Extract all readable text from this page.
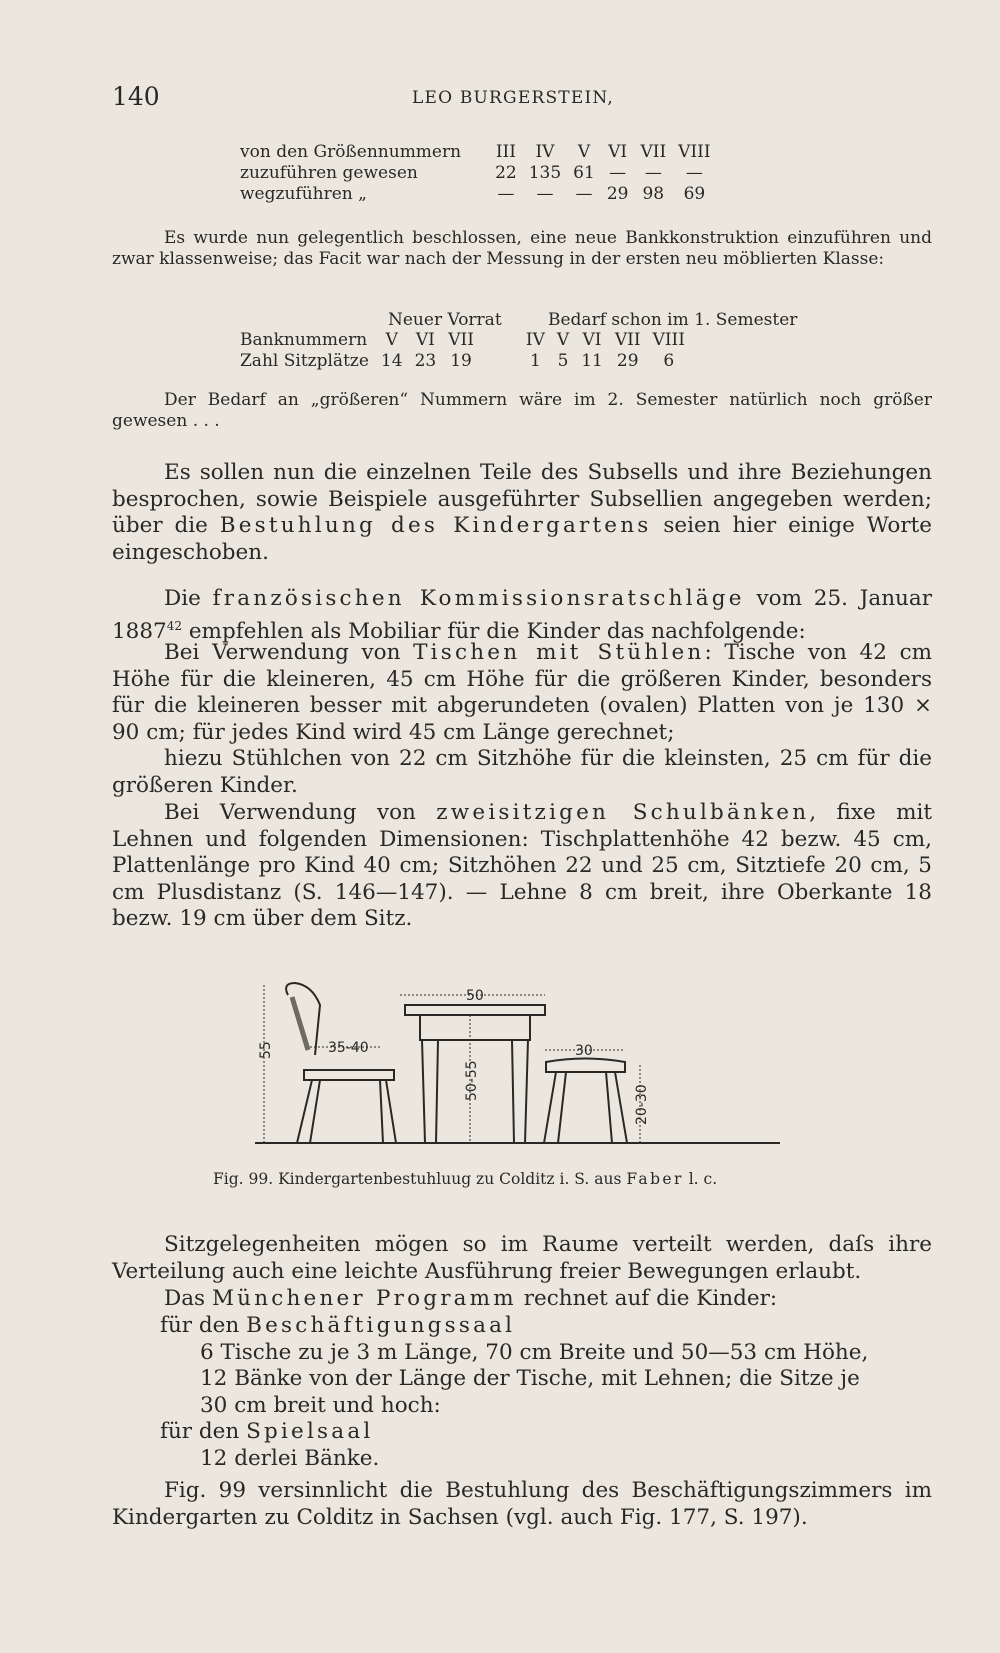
140	LEO BURGERSTEIN,
von den Größennummern	III	IV	V	VI	VII	VIII
zuzuführen gewesen	22	135	61	—	—	—
wegzuführen „	—	—	—	29	98	69
Es wurde nun gelegentlich beschlossen, eine neue Bankkonstruktion einzuführen und zwar klassenweise; das Facit war nach der Messung in der ersten neu möblierten Klasse:
Neuer Vorrat	Bedarf schon im 1. Semester
Banknummern	V	VI	VII	IV	V	VI	VII	VIII
Zahl Sitzplätze	14	23	19	1	5	11	29	6
Der Bedarf an „größeren“ Nummern wäre im 2. Semester natürlich noch größer gewesen . . .
Es sollen nun die einzelnen Teile des Subsells und ihre Beziehungen besprochen, sowie Beispiele ausgeführter Subsellien angegeben werden; über die Bestuhlung des Kindergartens seien hier einige Worte eingeschoben.
Die französischen Kommissionsratschläge vom 25. Januar 1887$^{42}$ empfehlen als Mobiliar für die Kinder das nachfolgende:
Bei Verwendung von Tischen mit Stühlen: Tische von 42 cm Höhe für die kleineren, 45 cm Höhe für die größeren Kinder, besonders für die kleineren besser mit abgerundeten (ovalen) Platten von je 130 × 90 cm; für jedes Kind wird 45 cm Länge gerechnet;
hiezu Stühlchen von 22 cm Sitzhöhe für die kleinsten, 25 cm für die größeren Kinder.
Bei Verwendung von zweisitzigen Schulbänken, fixe mit Lehnen und folgenden Dimensionen: Tischplattenhöhe 42 bezw. 45 cm, Plattenlänge pro Kind 40 cm; Sitzhöhen 22 und 25 cm, Sitztiefe 20 cm, 5 cm Plusdistanz (S. 146—147). — Lehne 8 cm breit, ihre Oberkante 18 bezw. 19 cm über dem Sitz.
55	35-40
50
50-55
30
20-30
Fig. 99. Kindergartenbestuhluug zu Colditz i. S. aus Faber l. c.
Sitzgelegenheiten mögen so im Raume verteilt werden, daſs ihre Verteilung auch eine leichte Ausführung freier Bewegungen erlaubt.
Das Münchener Programm rechnet auf die Kinder:
für den Beschäftigungssaal
6 Tische zu je 3 m Länge, 70 cm Breite und 50—53 cm Höhe,
12 Bänke von der Länge der Tische, mit Lehnen; die Sitze je
30 cm breit und hoch:
für den Spielsaal
12 derlei Bänke.
Fig. 99 versinnlicht die Bestuhlung des Beschäftigungszimmers im Kindergarten zu Colditz in Sachsen (vgl. auch Fig. 177, S. 197).
